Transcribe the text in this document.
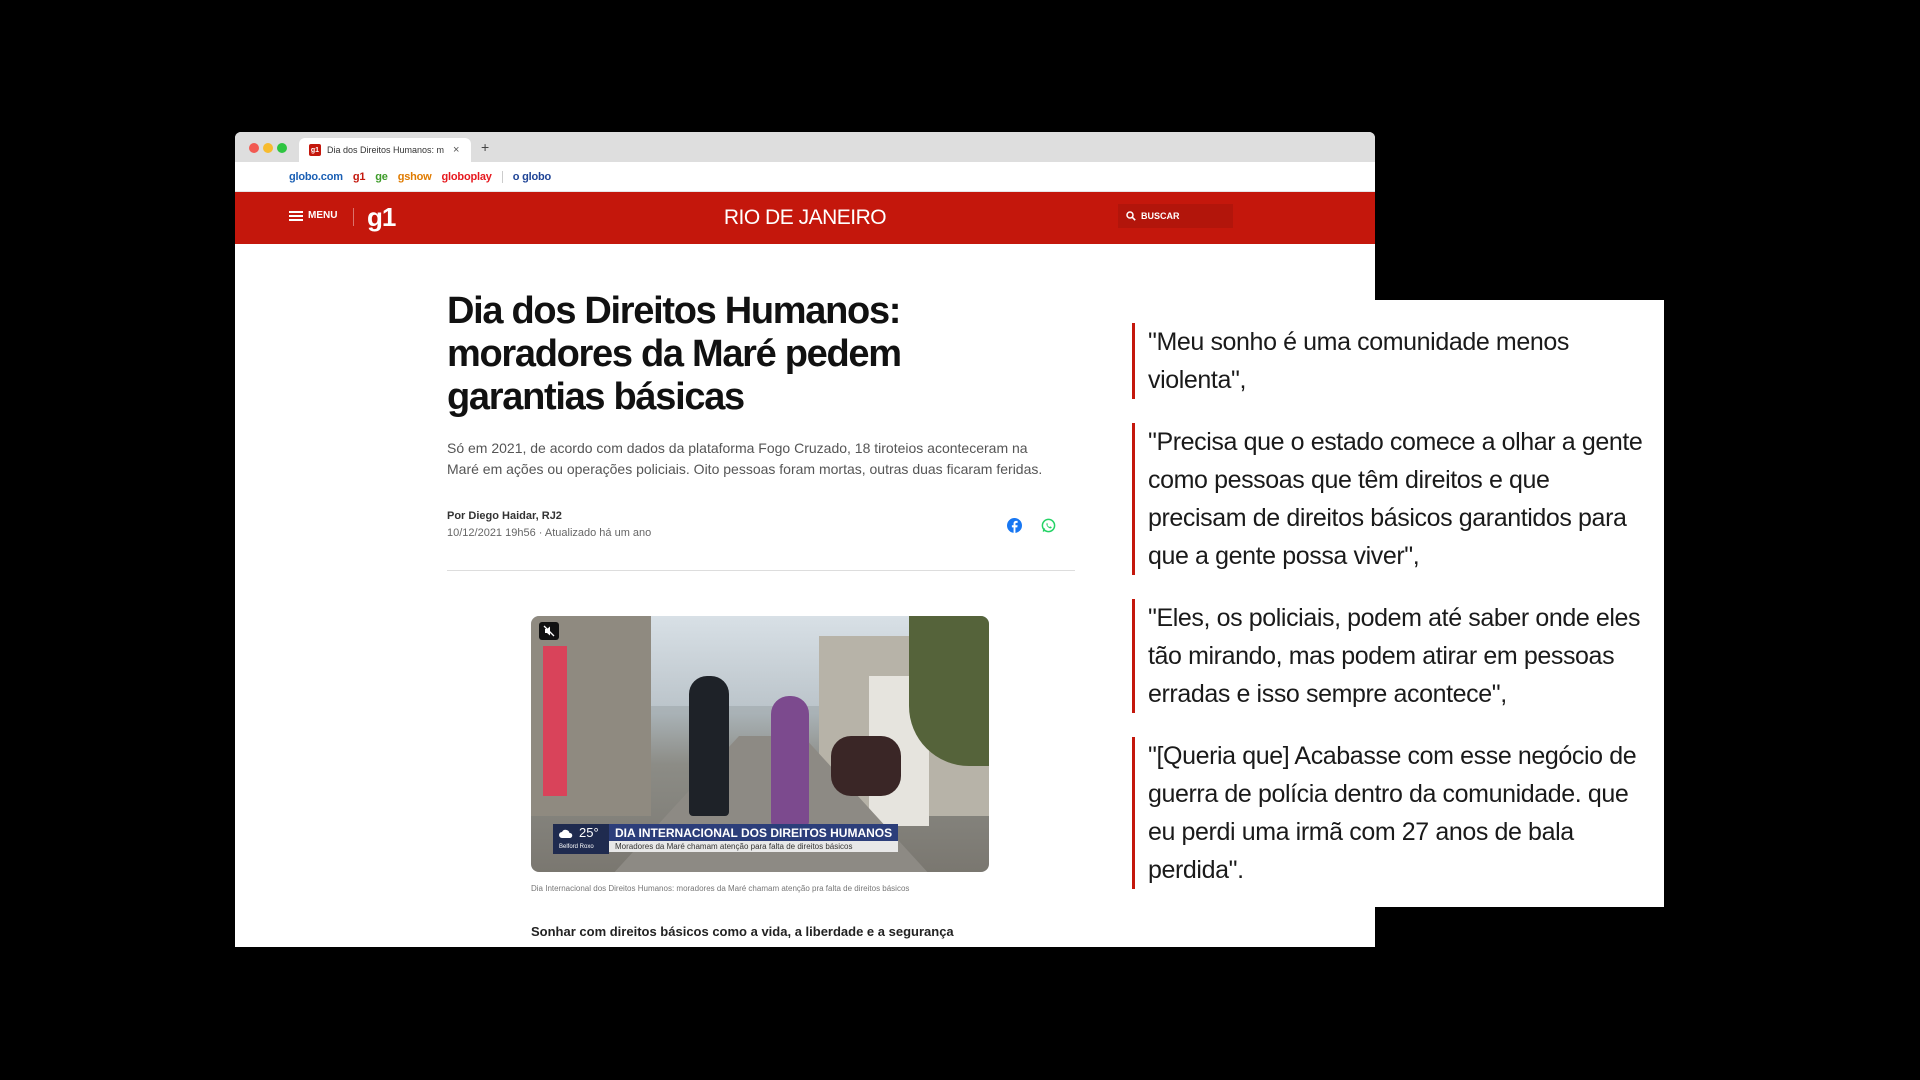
g1 Dia dos Direitos Humanos: m × +
globo.com g1 ge gshow globoplay o globo
MENU g1	RIO DE JANEIRO	BUSCAR
Dia dos Direitos Humanos: moradores da Maré pedem garantias básicas

Só em 2021, de acordo com dados da plataforma Fogo Cruzado, 18 tiroteios aconteceram na Maré em ações ou operações policiais. Oito pessoas foram mortas, outras duas ficaram feridas.

Por Diego Haidar, RJ2
10/12/2021 19h56 · Atualizado há um ano
25°
Belford Roxo
DIA INTERNACIONAL DOS DIREITOS HUMANOS
Moradores da Maré chamam atenção para falta de direitos básicos
Dia Internacional dos Direitos Humanos: moradores da Maré chamam atenção pra falta de direitos básicos
Sonhar com direitos básicos como a vida, a liberdade e a segurança
"Meu sonho é uma comunidade menos violenta",
"Precisa que o estado comece a olhar a gente como pessoas que têm direitos e que precisam de direitos básicos garantidos para que a gente possa viver",
"Eles, os policiais, podem até saber onde eles tão mirando, mas podem atirar em pessoas erradas e isso sempre acontece",
"[Queria que] Acabasse com esse negócio de guerra de polícia dentro da comunidade. que eu perdi uma irmã com 27 anos de bala perdida".
